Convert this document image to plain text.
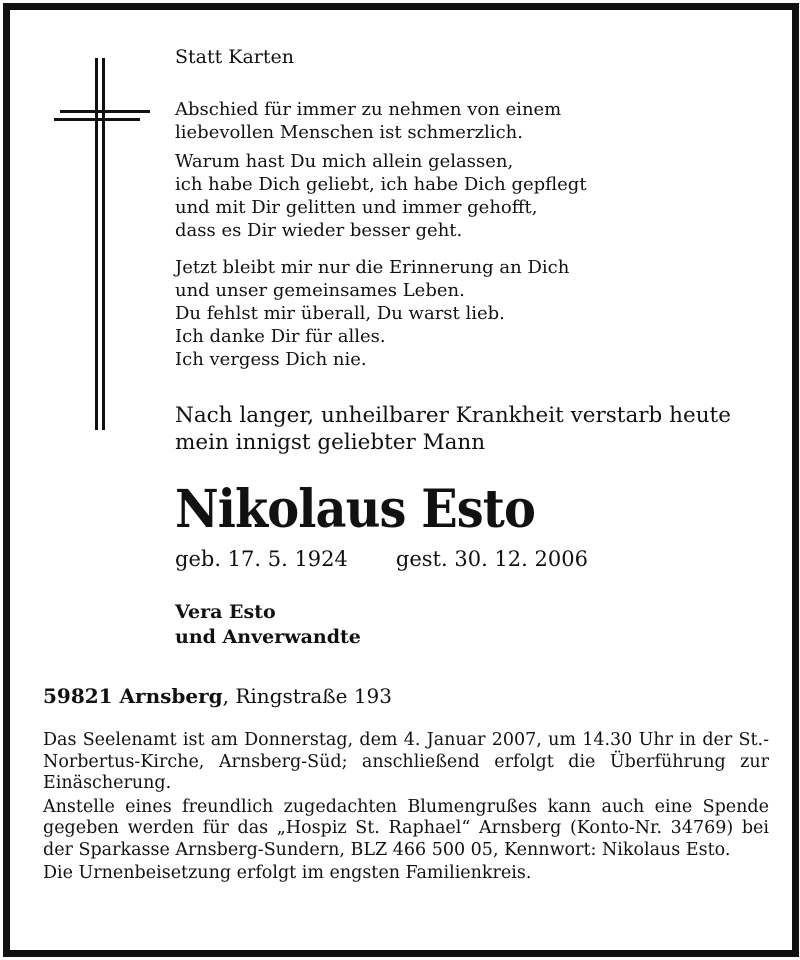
Statt Karten
Abschied für immer zu nehmen von einem
liebevollen Menschen ist schmerzlich.
Warum hast Du mich allein gelassen,
ich habe Dich geliebt, ich habe Dich gepflegt
und mit Dir gelitten und immer gehofft,
dass es Dir wieder besser geht.
Jetzt bleibt mir nur die Erinnerung an Dich
und unser gemeinsames Leben.
Du fehlst mir überall, Du warst lieb.
Ich danke Dir für alles.
Ich vergess Dich nie.
Nach langer, unheilbarer Krankheit verstarb heute
mein innigst geliebter Mann
Nikolaus Esto
geb. 17. 5. 1924 gest. 30. 12. 2006
Vera Esto
und Anverwandte
59821 Arnsberg, Ringstraße 193

Das Seelenamt ist am Donnerstag, dem 4. Januar 2007, um 14.30 Uhr in der St.-Norbertus-Kirche, Arnsberg-Süd; anschließend erfolgt die Überführung zur Einäscherung.

Anstelle eines freundlich zugedachten Blumengrußes kann auch eine Spende gegeben werden für das „Hospiz St. Raphael“ Arnsberg (Konto-Nr. 34769) bei der Sparkasse Arnsberg-Sundern, BLZ 466 500 05, Kennwort: Nikolaus Esto.

Die Urnenbeisetzung erfolgt im engsten Familienkreis.
